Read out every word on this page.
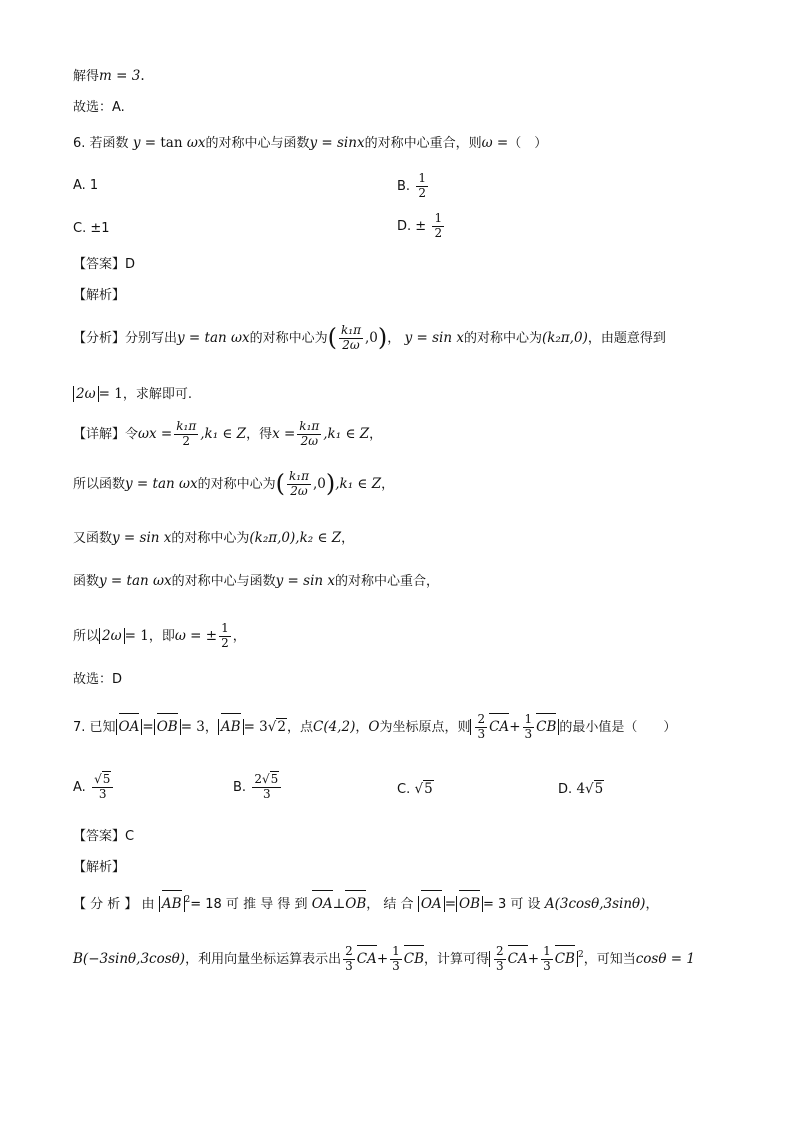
解得m = 3.
故选：A.
6. 若函数 y = tan ωx的对称中心与函数y = sinx的对称中心重合，则ω =（　）
A. 1	B. $\frac{1}{2}$
C. ±1	D. ± $\frac{1}{2}$
【答案】D
【解析】
【分析】分别写出y = tan ωx的对称中心为( $\frac{\text{k₁π}}{2\omega} ,0$)， y = sin x的对称中心为(k₂π,0)，由题意得到
2ω = 1，求解即可.
【详解】令$\omega x = \frac{\text{k₁π}}{2} ,k_1$ ∈ Z，得$x = \frac{\text{k₁π}}{2\omega} ,k_1$ ∈ Z，
所以函数y = tan ωx的对称中心为( $\frac{\text{k₁π}}{2\omega} ,0),k_1$ ∈ Z，
又函数y = sin x的对称中心为(k₂π,0),k₂ ∈ Z，
函数y = tan ωx的对称中心与函数y = sin x的对称中心重合，
所以 2ω = 1，即ω = ± $\frac{1}{2}$ ，
故选：D
7. 已知 OA = OB = 3， AB = 3√2，点C(4,2)，O为坐标原点，则 $\frac{2}{3} CA+ \frac{1}{3}$ CB 的最小值是（　　）
A. $\frac{√5}{3}$	B. $\frac{2√5}{3}$	C. √5	D. 4√5
【答案】C
【解析】
【 分 析 】 由 AB $^2$= 18 可 推 导 得 到 OA⊥OB， 结 合 OA = OB = 3 可 设 A(3cosθ,3sinθ)，
B(−3sinθ,3cosθ)，利用向量坐标运算表示出 $\frac{2}{3} CA+ \frac{1}{3}$ CB，计算可得 $\frac{2}{3} CA+ \frac{1}{3}$ CB $^2$，可知当cosθ = 1
